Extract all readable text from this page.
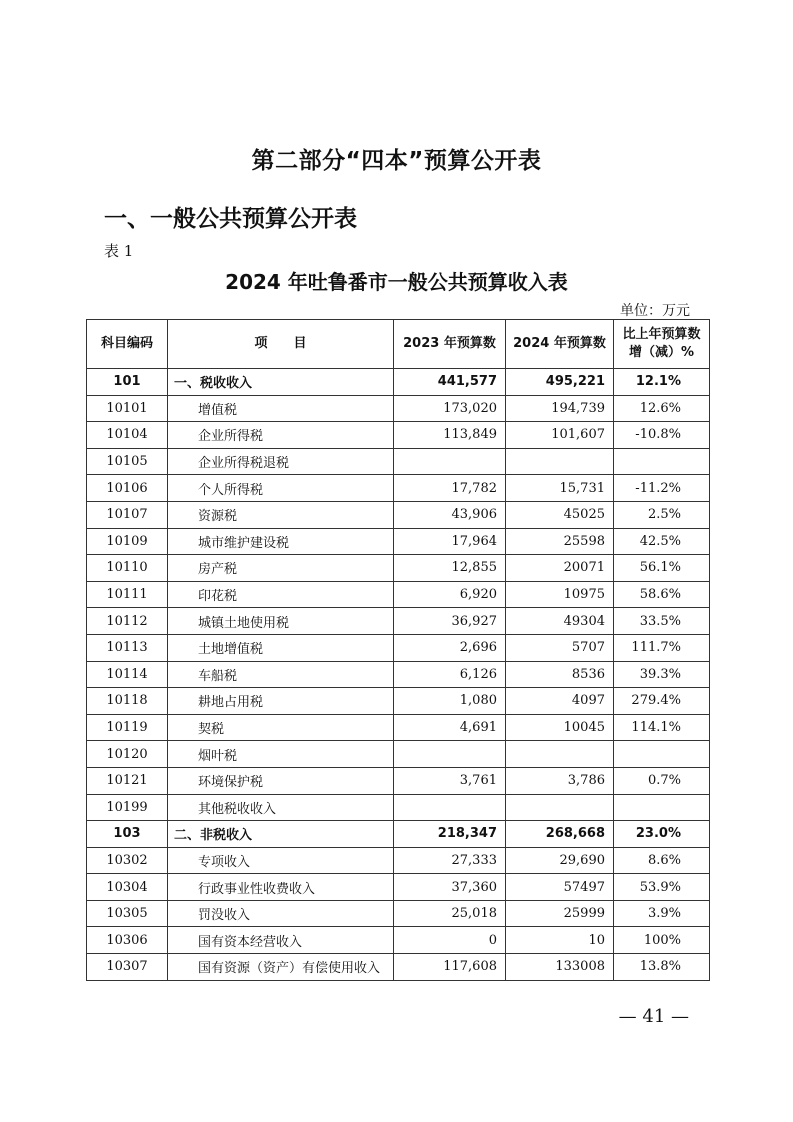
第二部分“四本”预算公开表
一、一般公共预算公开表
表 1
2024 年吐鲁番市一般公共预算收入表
单位：万元
科目编码	项　　目	2023 年预算数	2024 年预算数	比上年预算数
增（减）%

101	一、税收收入	441,577	495,221	12.1%
10101	增值税	173,020	194,739	12.6%
10104	企业所得税	113,849	101,607	-10.8%
10105	企业所得税退税			
10106	个人所得税	17,782	15,731	-11.2%
10107	资源税	43,906	45025	2.5%
10109	城市维护建设税	17,964	25598	42.5%
10110	房产税	12,855	20071	56.1%
10111	印花税	6,920	10975	58.6%
10112	城镇土地使用税	36,927	49304	33.5%
10113	土地增值税	2,696	5707	111.7%
10114	车船税	6,126	8536	39.3%
10118	耕地占用税	1,080	4097	279.4%
10119	契税	4,691	10045	114.1%
10120	烟叶税			
10121	环境保护税	3,761	3,786	0.7%
10199	其他税收收入			
103	二、非税收入	218,347	268,668	23.0%
10302	专项收入	27,333	29,690	8.6%
10304	行政事业性收费收入	37,360	57497	53.9%
10305	罚没收入	25,018	25999	3.9%
10306	国有资本经营收入	0	10	100%
10307	国有资源（资产）有偿使用收入	117,608	133008	13.8%
— 41 —
